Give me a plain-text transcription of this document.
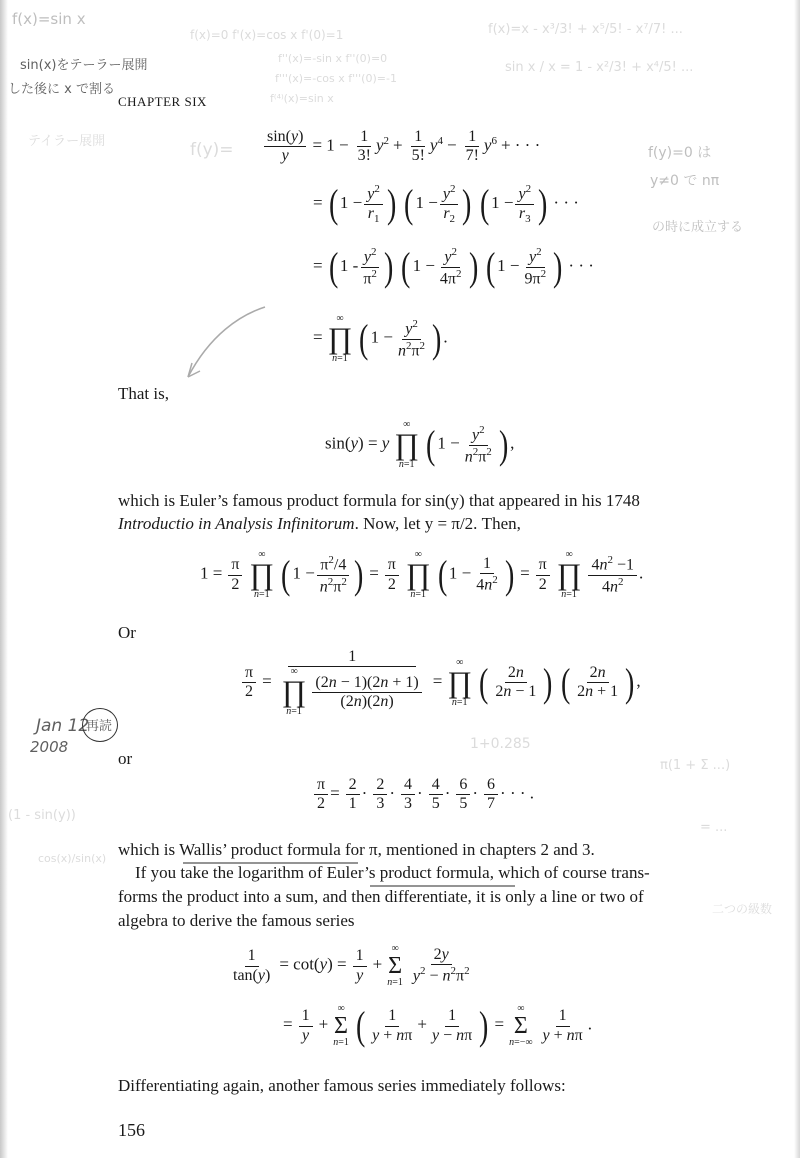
f(x)=sin x
sin(x)をテーラー展開
した後に x で割る
テイラー展開	f(y)=
f(x)=0 f'(x)=cos x f'(0)=1
f''(x)=-sin x f''(0)=0
f'''(x)=-cos x f'''(0)=-1
f⁽⁴⁾(x)=sin x
f(x)=x - x³/3! + x⁵/5! - x⁷/7! ...
sin x / x = 1 - x²/3! + x⁴/5! ...
f(y)=0 は
y≠0 で nπ
の時に成立する
Jan 12
2008
再読
1+0.285
(1 - sin(y))
cos(x)/sin(x)
π(1 + Σ ...)
= ...
二つの級数
CHAPTER SIX
$\frac{\sin(y)}{y} = 1 - \frac{1}{3!} y^2 + \frac{1}{5!} y^4 - \frac{1}{7!} y^6$ + · · ·
= ( $1 - \frac{y^2}{r_1}$ ) ( $1 - \frac{y^2}{r_2}$ ) ( $1 - \frac{y^2}{r_3}$ ) · · ·
= ( $1 - \frac{y^2}{\pi^2}$ ) ( $1 - \frac{y^2}{4\pi^2}$ ) ( $1 - \frac{y^2}{9\pi^2}$ ) · · ·
=
∞
∏
n=1 ( $1 - \frac{y^2}{n^2\pi^2}$ ) .
That is,
sin(y) = y
∞
∏
n=1 ( $1 - \frac{y^2}{n^2\pi^2}$ ) ,
which is Euler’s famous product formula for sin(y) that appeared in his 1748
Introductio in Analysis Infinitorum. Now, let y = π/2. Then,
$1 = \frac{\pi}{2}$

∞
∏
n=1 ( $1 - \frac{\pi^2/4}{n^2\pi^2}$ ) = $\frac{\pi}{2}$

∞
∏
n=1 ( $1 - \frac{1}{4n^2}$ ) = $\frac{\pi}{2}$

∞
∏
n=1
$\frac{4n^2 -1}{4n^2}$ .
Or
$\frac{\pi}{2} = 1$
∞
∏
n=1
$\frac{(2n - 1)(2n + 1)}{(2n)(2n)}$ =
∞
∏
n=1 ( $\frac{2n}{2n - 1}$ ) ( $\frac{2n}{2n + 1}$ ) ,
or
$\frac{\pi}{2} = \frac{2}{1} \cdot \frac{2}{3} \cdot \frac{4}{3} \cdot \frac{4}{5} \cdot \frac{6}{5} \cdot \frac{6}{7}$ · · · .
which is Wallis’ product formula for π, mentioned in chapters 2 and 3.
If you take the logarithm of Euler’s product formula, which of course trans-
forms the product into a sum, and then differentiate, it is only a line or two of
algebra to derive the famous series
$\frac{1}{\tan(y)} = \cot(y) = \frac{1}{y}$ +
∞
Σ
n=1
$\frac{2y}{y^2 - n^2\pi^2}$
= $\frac{1}{y}$ +
∞
Σ
n=1 ( $\frac{1}{y + n\pi} + \frac{1}{y - n\pi}$ ) =
∞
Σ
n=−∞
$\frac{1}{y + n\pi}$ .
Differentiating again, another famous series immediately follows:
156
